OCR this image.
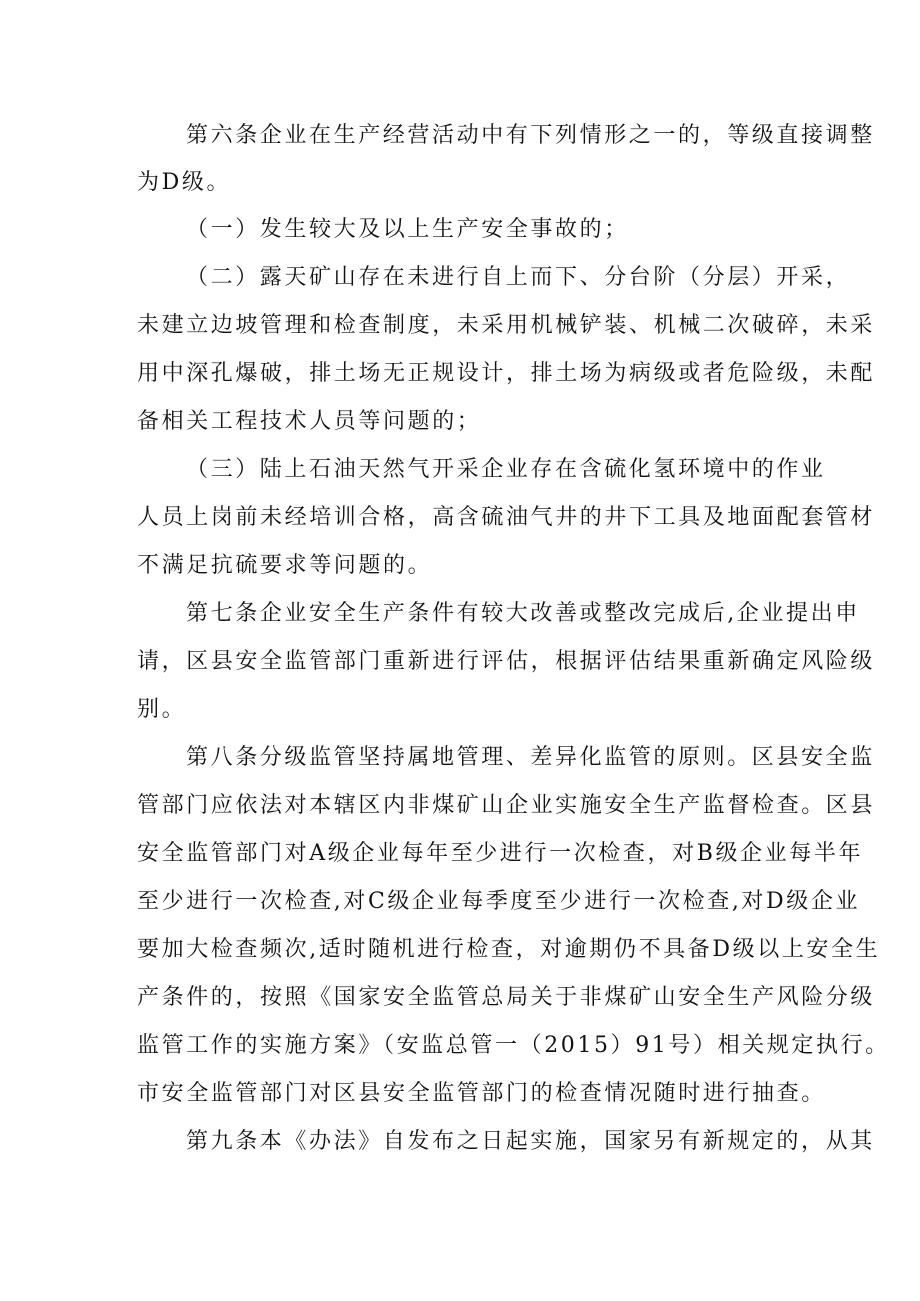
第六条企业在生产经营活动中有下列情形之一的，等级直接调整
为D级。
（一）发生较大及以上生产安全事故的；
（二）露天矿山存在未进行自上而下、分台阶（分层）开采，
未建立边坡管理和检查制度，未采用机械铲装、机械二次破碎，未采
用中深孔爆破，排土场无正规设计，排土场为病级或者危险级，未配
备相关工程技术人员等问题的；
（三）陆上石油天然气开采企业存在含硫化氢环境中的作业
人员上岗前未经培训合格，高含硫油气井的井下工具及地面配套管材
不满足抗硫要求等问题的。
第七条企业安全生产条件有较大改善或整改完成后,企业提出申
请，区县安全监管部门重新进行评估，根据评估结果重新确定风险级
别。
第八条分级监管坚持属地管理、差异化监管的原则。区县安全监
管部门应依法对本辖区内非煤矿山企业实施安全生产监督检查。区县
安全监管部门对A级企业每年至少进行一次检查，对B级企业每半年
至少进行一次检查,对C级企业每季度至少进行一次检查,对D级企业
要加大检查频次,适时随机进行检查，对逾期仍不具备D级以上安全生
产条件的，按照《国家安全监管总局关于非煤矿山安全生产风险分级
监管工作的实施方案》（安监总管一（2015）91号）相关规定执行。
市安全监管部门对区县安全监管部门的检查情况随时进行抽查。
第九条本《办法》自发布之日起实施，国家另有新规定的，从其
